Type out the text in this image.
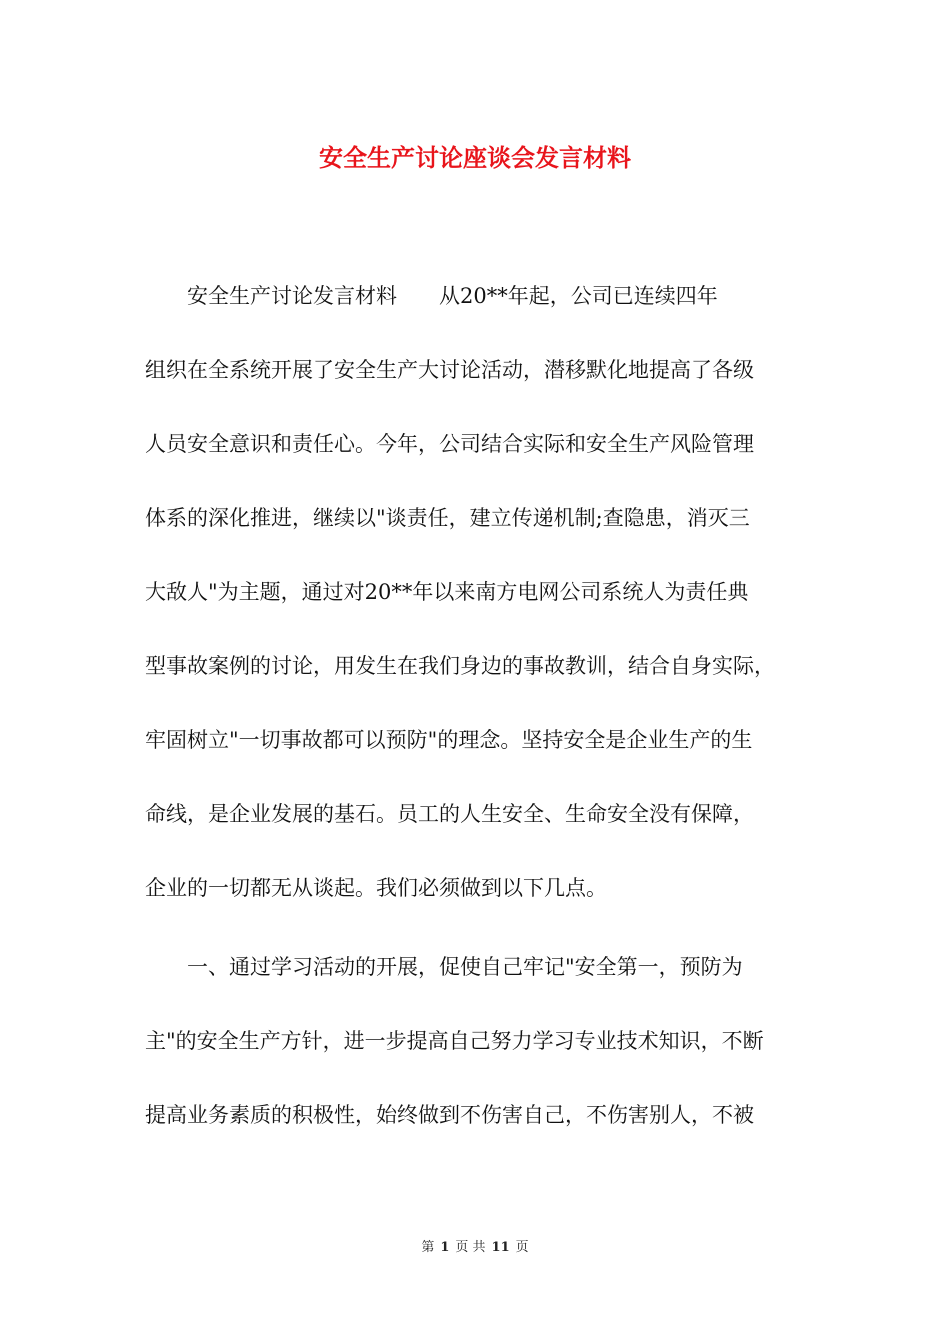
安全生产讨论座谈会发言材料
　　安全生产讨论发言材料　　从20**年起，公司已连续四年
组织在全系统开展了安全生产大讨论活动，潜移默化地提高了各级
人员安全意识和责任心。今年，公司结合实际和安全生产风险管理
体系的深化推进，继续以"谈责任，建立传递机制;查隐患，消灭三
大敌人"为主题，通过对20**年以来南方电网公司系统人为责任典
型事故案例的讨论，用发生在我们身边的事故教训，结合自身实际，
牢固树立"一切事故都可以预防"的理念。坚持安全是企业生产的生
命线，是企业发展的基石。员工的人生安全、生命安全没有保障，
企业的一切都无从谈起。我们必须做到以下几点。
　　一、通过学习活动的开展，促使自己牢记"安全第一，预防为
主"的安全生产方针，进一步提高自己努力学习专业技术知识，不断
提高业务素质的积极性，始终做到不伤害自己，不伤害别人，不被
第 1 页 共 11 页
